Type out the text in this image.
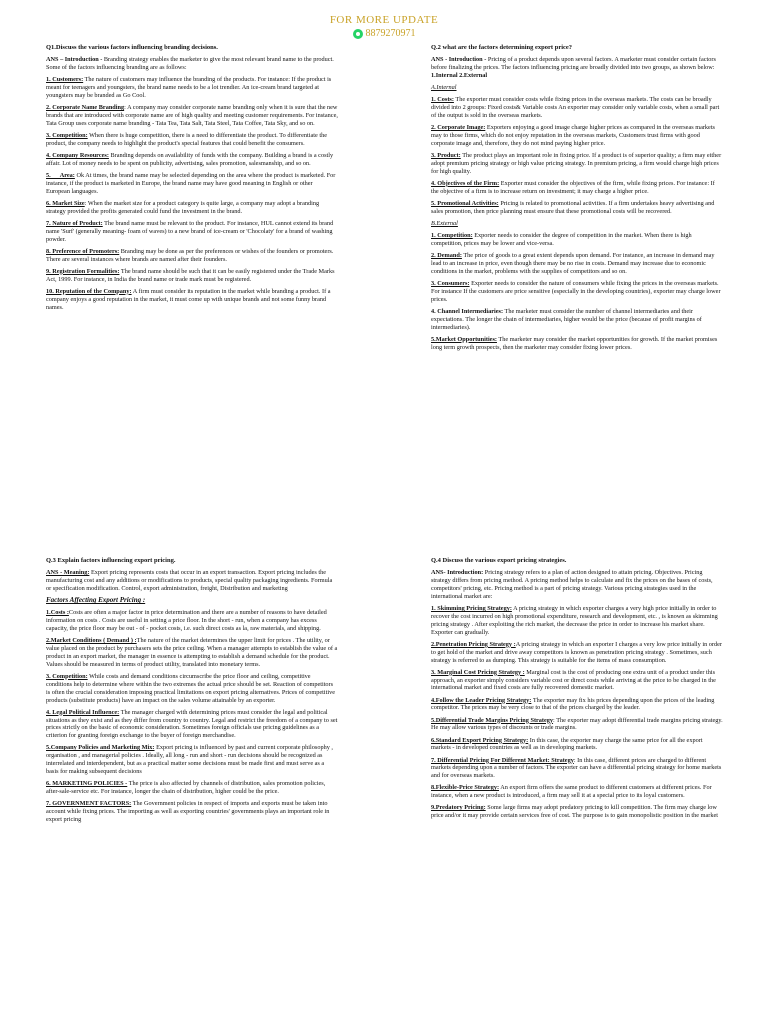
FOR MORE UPDATE
8879270971

Q1.Discuss the various factors influencing branding decisions.

ANS – Introduction - Branding strategy enables the marketer to give the most relevant brand name to the product. Some of the factors influencing branding are as follows:

1. Customers: The nature of customers may influence the branding of the products. For instance: If the product is meant for teenagers and youngsters, the brand name needs to be a lot trendier. An ice-cream brand targeted at youngsters may be branded as Go Cool.

2. Corporate Name Branding: A company may consider corporate name branding only when it is sure that the new brands that are introduced with corporate name are of high quality and meeting customer requirements. For instance, Tata Group uses corporate name branding - Tata Tea, Tata Salt, Tata Steel, Tata Coffee, Tata Sky, and so on.

3. Competition: When there is huge competition, there is a need to differentiate the product. To differentiate the product, the company needs to highlight the product's special features that could benefit the consumers.

4. Company Resources: Branding depends on availability of funds with the company. Building a brand is a costly affair. Lot of money needs to be spent on publicity, advertising, sales promotion, salesmanship, and so on.

5.      Area: Ok At times, the brand name may be selected depending on the area where the product is marketed. For instance, if the product is marketed in Europe, the brand name may have good meaning in English or other European languages.

6. Market Size: When the market size for a product category is quite large, a company may adopt a branding strategy provided the profits generated could fund the investment in the brand.

7. Nature of Product: The brand name must be relevant to the product. For instance, HUL cannot extend its brand name 'Surf' (generally meaning- foam of waves) to a new brand of ice-cream or 'Chocolaty' for a brand of washing powder.

8. Preference of Promoters: Branding may be done as per the preferences or wishes of the founders or promoters. There are several instances where brands are named after their founders.

9. Registration Formalities: The brand name should be such that it can be easily registered under the Trade Marks Act, 1999. For instance, in India the brand name or trade mark must be registered.

10. Reputation of the Company: A firm must consider its reputation in the market while branding a product. If a company enjoys a good reputation in the market, it must come up with unique brands and not some funny brand names.

Q.2 what are the factors determining export price?

ANS - Introduction - Pricing of a product depends upon several factors. A marketer must consider certain factors before finalizing the prices. The factors influencing pricing are broadly divided into two groups, as shown below: 1.Internal 2.External

A.Internal

1. Costs: The exporter must consider costs while fixing prices in the overseas markets. The costs can be broadly divided into 2 groups: Fixed costs& Variable costs An exporter may consider only variable costs, when a small part of the output is sold in the overseas markets.

2. Corporate Image: Exporters enjoying a good image charge higher prices as compared in the overseas markets may to those firms, which do not enjoy reputation in the overseas markets, Customers trust firms with good corporate image and, therefore, they do not mind paying higher price.

3. Product: The product plays an important role in fixing price. If a product is of superior quality; a firm may either adopt premium pricing strategy or high value pricing strategy. In premium pricing, a firm would charge high prices for high quality.

4. Objectives of the Firm: Exporter must consider the objectives of the firm, while fixing prices. For instance: If the objective of a firm is to increase return on investment; it may charge a higher price.

5. Promotional Activities: Pricing is related to promotional activities. If a firm undertakes heavy advertising and sales promotion, then price planning must ensure that these promotional costs will be recovered.

B.External

1. Competition: Exporter needs to consider the degree of competition in the market. When there is high competition, prices may be lower and vice-versa.

2. Demand: The price of goods to a great extent depends upon demand. For instance, an increase in demand may lead to an increase in price, even though there may be no rise in costs. Demand may increase due to economic conditions in the market, problems with the supplies of competitors and so on.

3. Consumers: Exporter needs to consider the nature of consumers while fixing the prices in the overseas markets. For instance If the customers are price sensitive (especially in the developing countries), exporter may charge lower prices.

4. Channel Intermediaries: The marketer must consider the number of channel intermediaries and their expectations. The longer the chain of intermediaries, higher would be the price (because of profit margins of intermediaries).

5.Market Opportunities: The marketer may consider the market opportunities for growth. If the market promises long term growth prospects, then the marketer may consider fixing lower prices.

Q.3 Explain factors influencing export pricing.

ANS - Meaning: Export pricing represents costs that occur in an export transaction. Export pricing includes the manufacturing cost and any additions or modifications to products, special quality packaging ingredients. Formula or specification modification. Control, export administration, freight, Distribution and marketing

Factors Affecting Export Pricing :

1.Costs :Costs are often a major factor in price determination and there are a number of reasons to have detailed information on costs . Costs are useful in setting a price floor. In the short - run, when a company has excess capacity, the price floor may be out - of - pocket costs, i.e. such direct costs as la, raw materials, and shipping.

2.Market Conditions ( Demand ) :The nature of the market determines the upper limit for prices . The utility, or value placed on the product by purchasers sets the price ceiling. When a manager attempts to establish the value of a product in an export market, the manager in essence is attempting to establish a demand schedule for the product. Values should be measured in terms of product utility, translated into monetary terms.

3. Competition: While costs and demand conditions circumscribe the price floor and ceiling, competitive conditions help to determine where within the two extremes the actual price should be set. Reaction of competitors is often the crucial consideration imposing practical limitations on export pricing alternatives. Prices of competitive products (substitute products) have an impact on the sales volume attainable by an exporter.

4. Legal Political Influence: The manager charged with determining prices must consider the legal and political situations as they exist and as they differ from country to country. Legal and restrict the freedom of a company to set prices strictly on the basic of economic consideration. Sometimes foreign officials use pricing guidelines as a criterion for granting foreign exchange to the buyer of foreign merchandise.

5.Company Policies and Marketing Mix: Export pricing is influenced by past and current corporate philosophy , organisation , and managerial policies . Ideally, all long - run and short - run decisions should be recognized as interrelated and interdependent, but as a practical matter some decisions must be made first and must serve as a basis for making subsequent decisions

6. MARKETING POLICIES - The price is also affected by channels of distribution, sales promotion policies, after-sale-service etc. For instance, longer the chain of distribution, higher could be the price.

7. GOVERNMENT FACTORS: The Government policies in respect of imports and exports must be taken into account while fixing prices. The importing as well as exporting countries' governments plays an important role in export pricing

Q.4 Discuss the various export pricing strategies.

ANS- Introduction: Pricing strategy refers to a plan of action designed to attain pricing. Objectives. Pricing strategy differs from pricing method. A pricing method helps to calculate and fix the prices on the bases of costs, competitors' pricing, etc. Pricing method is a part of pricing strategy. Various pricing strategies used in the international market are:

1. Skimming Pricing Strategy: A pricing strategy in which exporter charges a very high price initially in order to recover the cost incurred on high promotional expenditure, research and development, etc. , is known as skimming pricing strategy . After exploiting the rich market, the decrease the price in order to increase his market share. Exporter can gradually.

2.Penetration Pricing Strategy :A pricing strategy in which an exporter I charges a very low price initially in order to get hold of the market and drive away competitors is known as penetration pricing strategy . Sometimes, such strategy is referred to as dumping. This strategy is suitable for the items of mass consumption.

3. Marginal Cost Pricing Strategy : Marginal cost is the cost of producing one extra unit of a product under this approach, an exporter simply considers variable cost or direct costs while arriving at the price to be charged in the international market and fixed costs are fully recovered domestic market.

4.Follow the Leader Pricing Strategy: The exporter may fix his prices depending upon the prices of the leading competitor. The prices may be very close to that of the prices charged by the leader.

5.Differential Trade Margins Pricing Strategy: The exporter may adopt differential trade margins pricing strategy. He may allow various types of discounts or trade margins.

6.Standard Export Pricing Strategy: In this case, the exporter may charge the same price for all the export markets - in developed countries as well as in developing markets.

7. Differential Pricing For Different Market: Strategy: In this case, different prices are charged to different markets depending upon a number of factors. The exporter can have a differential pricing strategy for home markets and for overseas markets.

8.Flexible-Price Strategy: An export firm offers the same product to different customers at different prices. For instance, when a new product is introduced, a firm may sell it at a special price to its loyal customers.

9.Predatory Pricing: Some large firms may adopt predatory pricing to kill competition. The firm may charge low price and/or it may provide certain services free of cost. The purpose is to gain monopolistic position in the market
